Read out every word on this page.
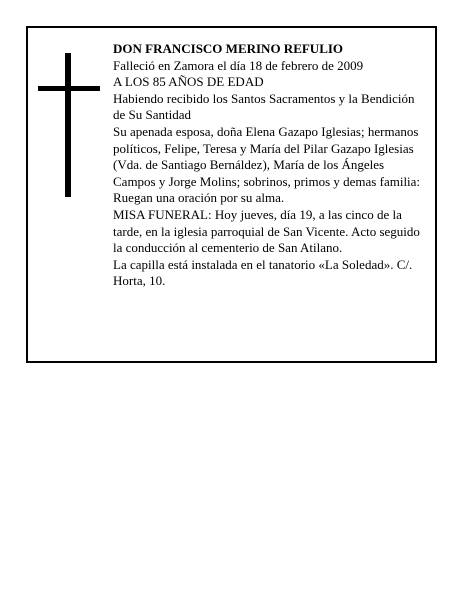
DON FRANCISCO MERINO REFULIO

Falleció en Zamora el día 18 de febrero de 2009

A LOS 85 AÑOS DE EDAD

Habiendo recibido los Santos Sacramentos y la Bendición de Su Santidad

Su apenada esposa, doña Elena Gazapo Iglesias; hermanos políticos, Felipe, Teresa y María del Pilar Gazapo Iglesias (Vda. de Santiago Bernáldez), María de los Ángeles Campos y Jorge Molins; sobrinos, primos y demas familia:

Ruegan una oración por su alma.

MISA FUNERAL: Hoy jueves, día 19, a las cinco de la tarde, en la iglesia parroquial de San Vicente. Acto seguido la conducción al cementerio de San Atilano.

La capilla está instalada en el tanatorio «La Soledad». C/. Horta, 10.
